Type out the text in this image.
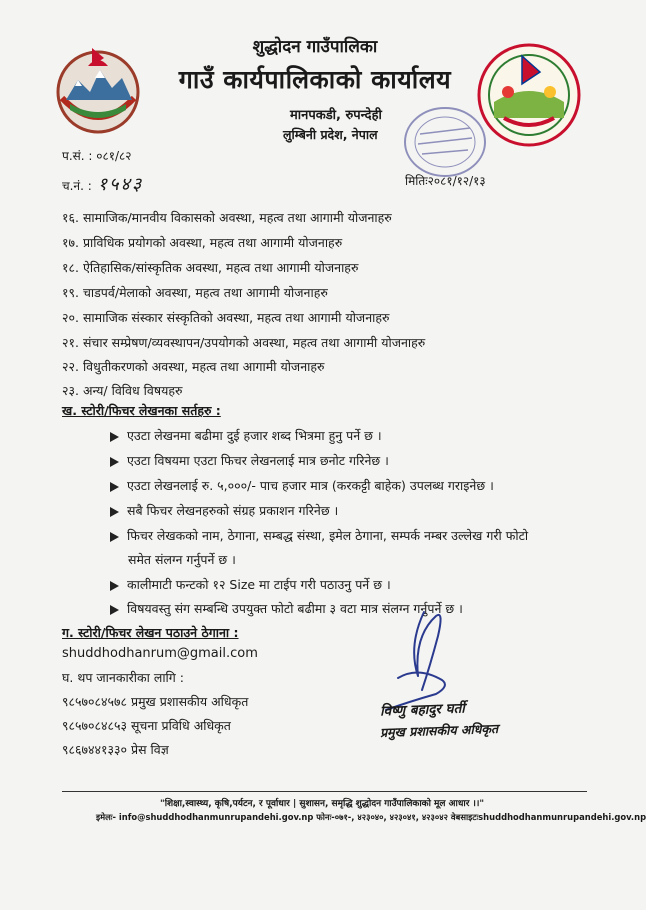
शुद्धोदन गाउँपालिका
गाउँ कार्यपालिकाको कार्यालय
मानपकडी, रुपन्देही
लुम्बिनी प्रदेश, नेपाल
प.सं. : ०८१/८२
च.नं. : १५४३	मितिः२०८१/१२/१३
१६. सामाजिक/मानवीय विकासको अवस्था, महत्व तथा आगामी योजनाहरु
१७. प्राविधिक प्रयोगको अवस्था, महत्व तथा आगामी योजनाहरु
१८. ऐतिहासिक/सांस्कृतिक अवस्था, महत्व तथा आगामी योजनाहरु
१९. चाडपर्व/मेलाको अवस्था, महत्व तथा आगामी योजनाहरु
२०. सामाजिक संस्कार संस्कृतिको अवस्था, महत्व तथा आगामी योजनाहरु
२१. संचार सम्प्रेषण/व्यवस्थापन/उपयोगको अवस्था, महत्व तथा आगामी योजनाहरु
२२. विधुतीकरणको अवस्था, महत्व तथा आगामी योजनाहरु
२३. अन्य/ विविध विषयहरु
ख. स्टोरी/फिचर लेखनका सर्तहरु :
एउटा लेखनमा बढीमा दुई हजार शब्द भित्रमा हुनु पर्ने छ ।
एउटा विषयमा एउटा फिचर लेखनलाई मात्र छनोट गरिनेछ ।
एउटा लेखनलाई रु. ५,०००/- पाच हजार मात्र (करकट्टी बाहेक) उपलब्ध गराइनेछ ।
सबै फिचर लेखनहरुको संग्रह प्रकाशन गरिनेछ ।
फिचर लेखकको नाम, ठेगाना, सम्बद्ध संस्था, इमेल ठेगाना, सम्पर्क नम्बर उल्लेख गरी फोटो
समेत संलग्न गर्नुपर्ने छ ।
कालीमाटी फन्टको १२ Size मा टाईप गरी पठाउनु पर्ने छ ।
विषयवस्तु संग सम्बन्धि उपयुक्त फोटो बढीमा ३ वटा मात्र संलग्न गर्नुपर्ने छ ।
ग. स्टोरी/फिचर लेखन पठाउने ठेगाना :
shuddhodhanrum@gmail.com
घ. थप जानकारीका लागि :
९८५७०८४५७८ प्रमुख प्रशासकीय अधिकृत
९८५७०८४८५३ सूचना प्रविधि अधिकृत
९८६७४४१३३० प्रेस विज्ञ
विष्णु बहादुर घर्ती
प्रमुख प्रशासकीय अधिकृत
"शिक्षा,स्वास्थ्य, कृषि,पर्यटन, र पूर्वाधार | सुशासन, समृद्धि शुद्धोदन गाउँपालिकाको मूल आधार ।।"
इमेलः- info@shuddhodhanmunrupandehi.gov.np फोनः-०७१-, ४२३०४०, ४२३०४१, ४२३०४२ वेबसाइटःshuddhodhanmunrupandehi.gov.np
